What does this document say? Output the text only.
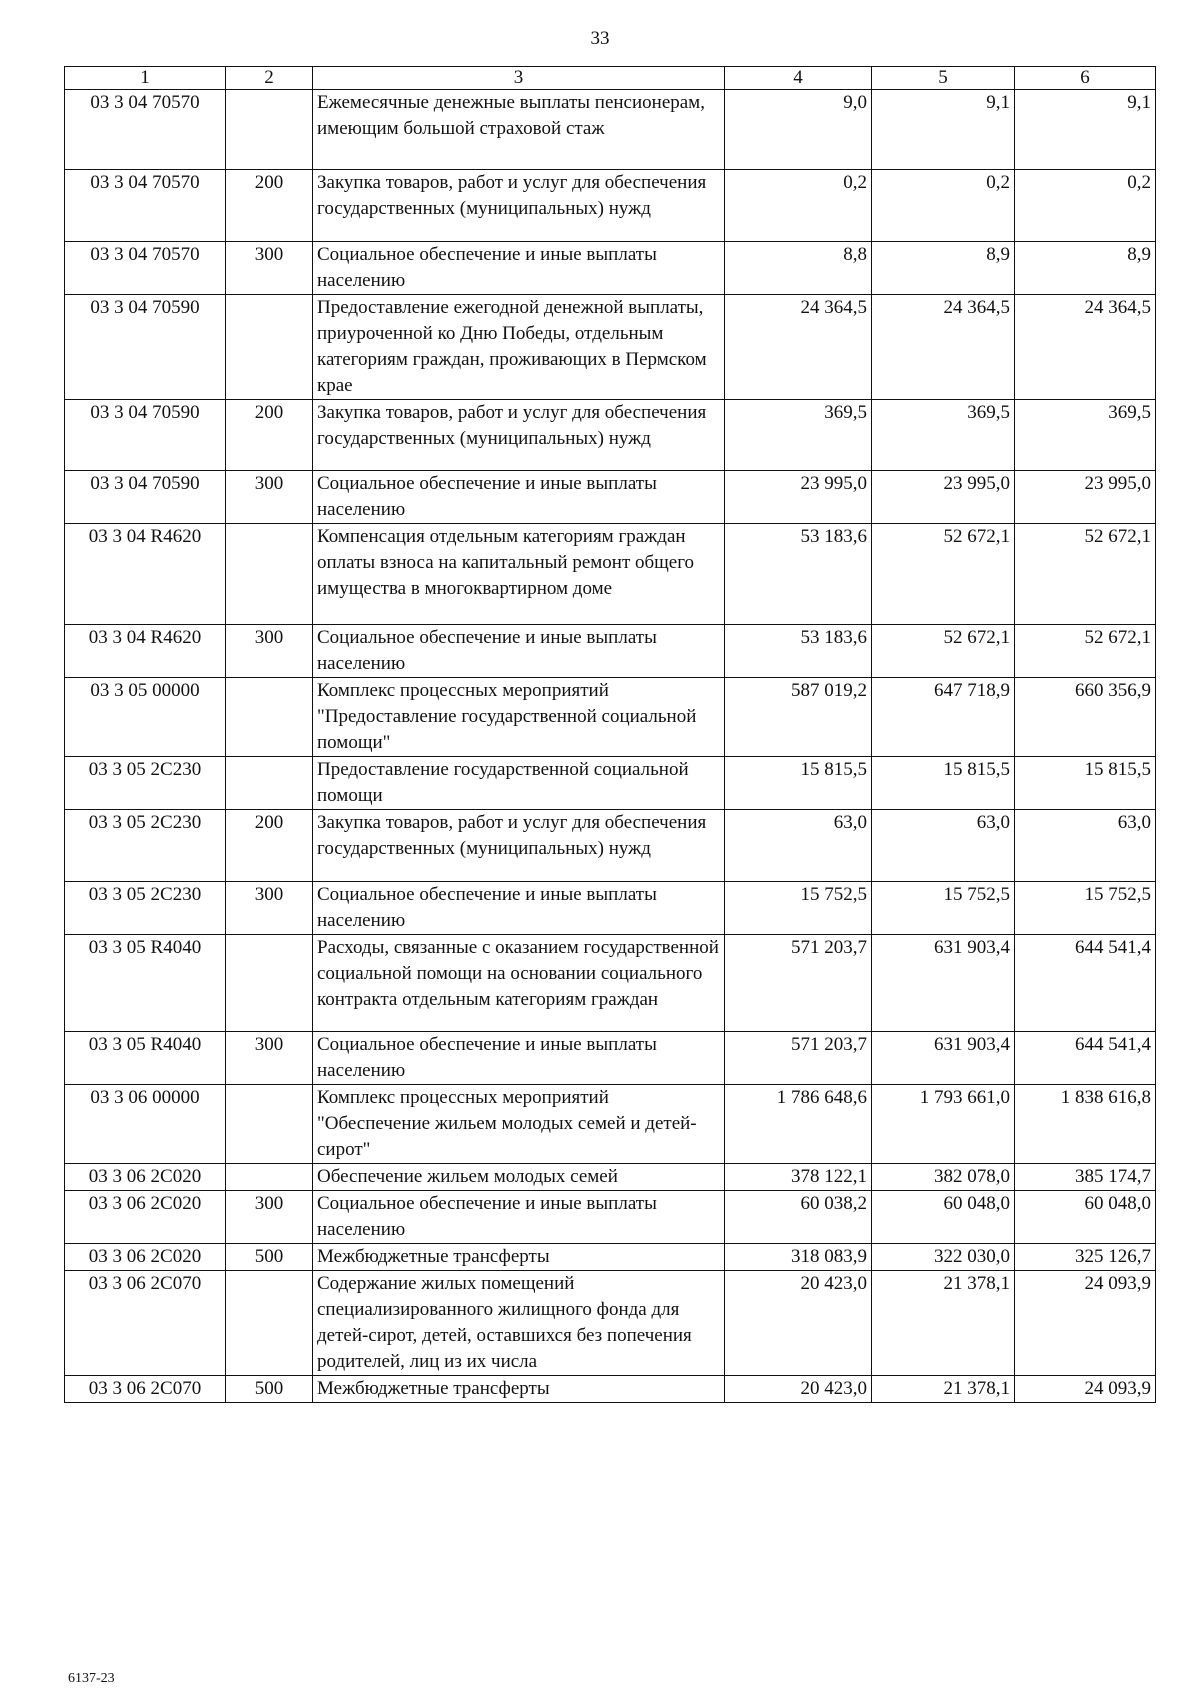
33
1	2	3	4	5	6
03 3 04 70570		Ежемесячные денежные выплаты пенсионерам, имеющим большой страховой стаж	9,0	9,1	9,1
03 3 04 70570	200	Закупка товаров, работ и услуг для обеспечения государственных (муниципальных) нужд	0,2	0,2	0,2
03 3 04 70570	300	Социальное обеспечение и иные выплаты населению	8,8	8,9	8,9
03 3 04 70590		Предоставление ежегодной денежной выплаты, приуроченной ко Дню Победы, отдельным категориям граждан, проживающих в Пермском крае	24 364,5	24 364,5	24 364,5
03 3 04 70590	200	Закупка товаров, работ и услуг для обеспечения государственных (муниципальных) нужд	369,5	369,5	369,5
03 3 04 70590	300	Социальное обеспечение и иные выплаты населению	23 995,0	23 995,0	23 995,0
03 3 04 R4620		Компенсация отдельным категориям граждан оплаты взноса на капитальный ремонт общего имущества в многоквартирном доме	53 183,6	52 672,1	52 672,1
03 3 04 R4620	300	Социальное обеспечение и иные выплаты населению	53 183,6	52 672,1	52 672,1
03 3 05 00000		Комплекс процессных мероприятий "Предоставление государственной социальной помощи"	587 019,2	647 718,9	660 356,9
03 3 05 2С230		Предоставление государственной социальной помощи	15 815,5	15 815,5	15 815,5
03 3 05 2С230	200	Закупка товаров, работ и услуг для обеспечения государственных (муниципальных) нужд	63,0	63,0	63,0
03 3 05 2С230	300	Социальное обеспечение и иные выплаты населению	15 752,5	15 752,5	15 752,5
03 3 05 R4040		Расходы, связанные с оказанием государственной социальной помощи на основании социального контракта отдельным категориям граждан	571 203,7	631 903,4	644 541,4
03 3 05 R4040	300	Социальное обеспечение и иные выплаты населению	571 203,7	631 903,4	644 541,4
03 3 06 00000		Комплекс процессных мероприятий "Обеспечение жильем молодых семей и детей-сирот"	1 786 648,6	1 793 661,0	1 838 616,8
03 3 06 2С020		Обеспечение жильем молодых семей	378 122,1	382 078,0	385 174,7
03 3 06 2С020	300	Социальное обеспечение и иные выплаты населению	60 038,2	60 048,0	60 048,0
03 3 06 2С020	500	Межбюджетные трансферты	318 083,9	322 030,0	325 126,7
03 3 06 2С070		Содержание жилых помещений специализированного жилищного фонда для детей-сирот, детей, оставшихся без попечения родителей, лиц из их числа	20 423,0	21 378,1	24 093,9
03 3 06 2С070	500	Межбюджетные трансферты	20 423,0	21 378,1	24 093,9
6137-23
